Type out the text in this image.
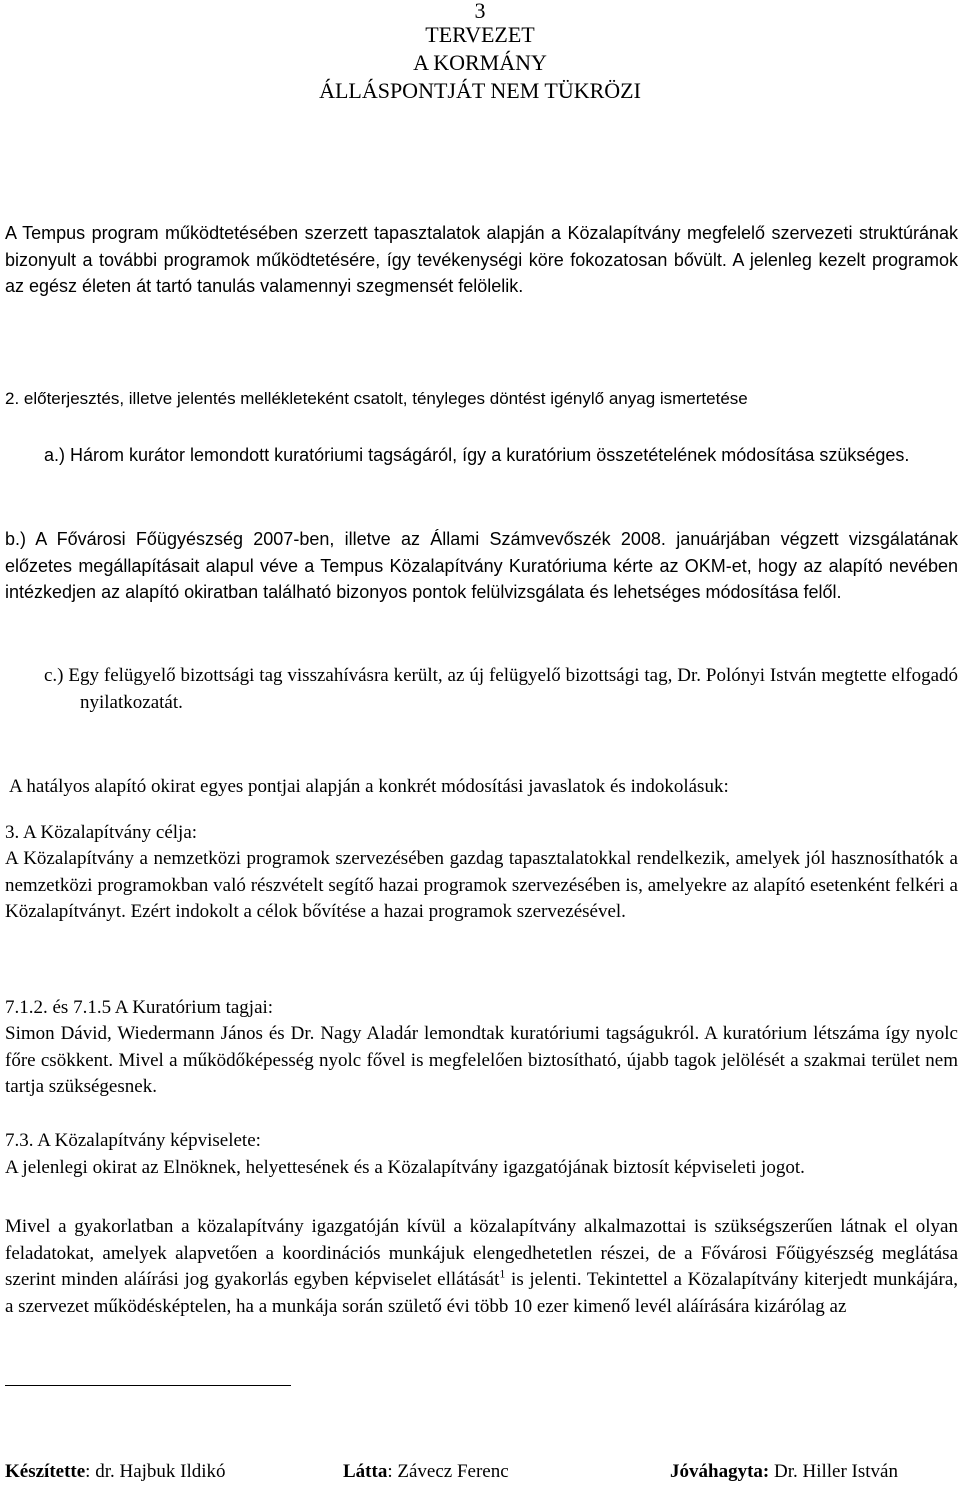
3
TERVEZET
A KORMÁNY
ÁLLÁSPONTJÁT NEM TÜKRÖZI

A Tempus program működtetésében szerzett tapasztalatok alapján a Közalapítvány megfelelő szervezeti struktúrának bizonyult a további programok működtetésére, így tevékenységi köre fokozatosan bővült. A jelenleg kezelt programok az egész életen át tartó tanulás valamennyi szegmensét felölelik.

2. előterjesztés, illetve jelentés mellékleteként csatolt, tényleges döntést igénylő anyag ismertetése

a.) Három kurátor lemondott kuratóriumi tagságáról, így a kuratórium összetételének módosítása szükséges.

b.) A Fővárosi Főügyészség 2007-ben, illetve az Állami Számvevőszék 2008. januárjában végzett vizsgálatának előzetes megállapításait alapul véve a Tempus Közalapítvány Kuratóriuma kérte az OKM-et, hogy az alapító nevében intézkedjen az alapító okiratban található bizonyos pontok felülvizsgálata és lehetséges módosítása felől.

c.) Egy felügyelő bizottsági tag visszahívásra került, az új felügyelő bizottsági tag, Dr. Polónyi István megtette elfogadó nyilatkozatát.

A hatályos alapító okirat egyes pontjai alapján a konkrét módosítási javaslatok és indokolásuk:

3. A Közalapítvány célja:

A Közalapítvány a nemzetközi programok szervezésében gazdag tapasztalatokkal rendelkezik, amelyek jól hasznosíthatók a nemzetközi programokban való részvételt segítő hazai programok szervezésében is, amelyekre az alapító esetenként felkéri a Közalapítványt. Ezért indokolt a célok bővítése a hazai programok szervezésével.

7.1.2. és 7.1.5 A Kuratórium tagjai:

Simon Dávid, Wiedermann János és Dr. Nagy Aladár lemondtak kuratóriumi tagságukról. A kuratórium létszáma így nyolc főre csökkent. Mivel a működőképesség nyolc fővel is megfelelően biztosítható, újabb tagok jelölését a szakmai terület nem tartja szükségesnek.

7.3. A Közalapítvány képviselete:

A jelenlegi okirat az Elnöknek, helyettesének és a Közalapítvány igazgatójának biztosít képviseleti jogot.

Mivel a gyakorlatban a közalapítvány igazgatóján kívül a közalapítvány alkalmazottai is szükségszerűen látnak el olyan feladatokat, amelyek alapvetően a koordinációs munkájuk elengedhetetlen részei, de a Fővárosi Főügyészség meglátása szerint minden aláírási jog gyakorlás egyben képviselet ellátását$^1$ is jelenti. Tekintettel a Közalapítvány kiterjedt munkájára, a szervezet működésképtelen, ha a munkája során születő évi több 10 ezer kimenő levél aláírására kizárólag az

Készítette: dr. Hajbuk Ildikó	Látta: Závecz Ferenc	Jóváhagyta: Dr. Hiller István
